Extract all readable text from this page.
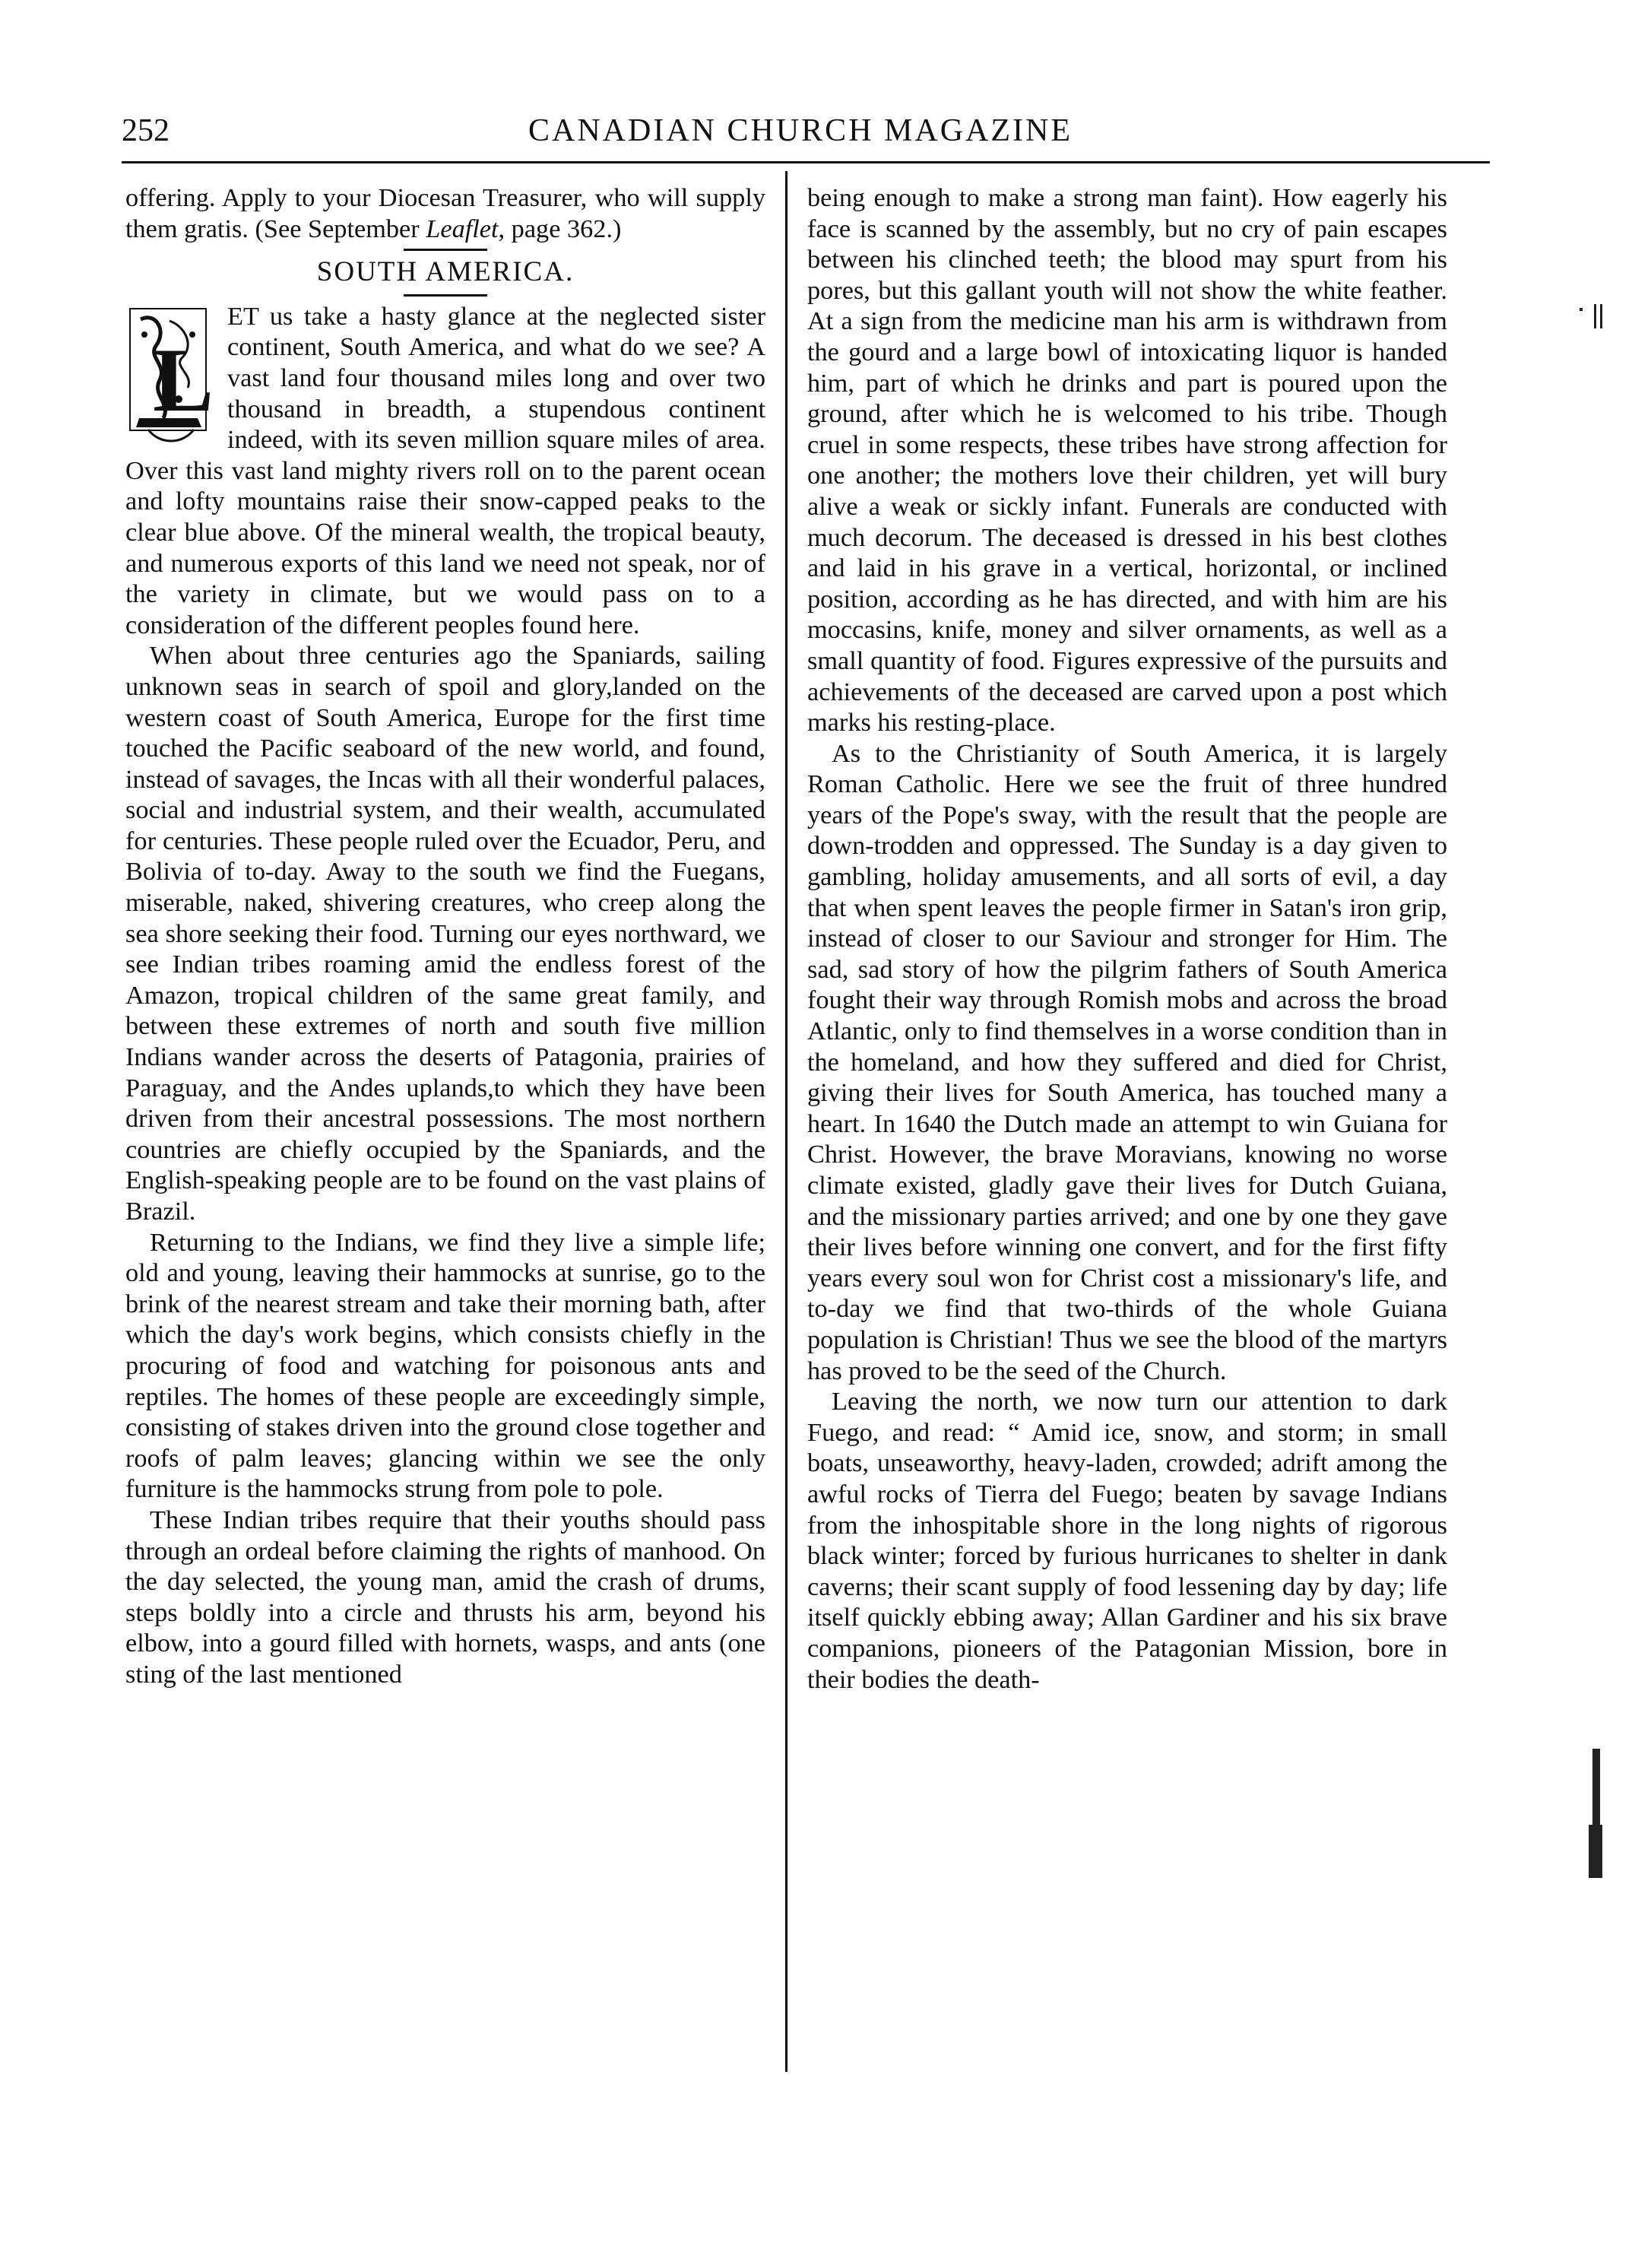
252	CANADIAN CHURCH MAGAZINE

offering. Apply to your Diocesan Treasurer, who will supply them gratis. (See September Leaflet, page 362.)

SOUTH AMERICA.

L
ET us take a hasty glance at the neglected sister continent, South America, and what do we see? A vast land four thousand miles long and over two thousand in breadth, a stupendous continent indeed, with its seven million square miles of area. Over this vast land mighty rivers roll on to the parent ocean and lofty mountains raise their snow-capped peaks to the clear blue above. Of the mineral wealth, the tropical beauty, and numerous exports of this land we need not speak, nor of the variety in climate, but we would pass on to a consideration of the different peoples found here.

When about three centuries ago the Spaniards, sailing unknown seas in search of spoil and glory,landed on the western coast of South America, Europe for the first time touched the Pacific seaboard of the new world, and found, instead of savages, the Incas with all their wonderful palaces, social and industrial system, and their wealth, accumulated for centuries. These people ruled over the Ecuador, Peru, and Bolivia of to-day. Away to the south we find the Fuegans, miserable, naked, shivering creatures, who creep along the sea shore seeking their food. Turning our eyes northward, we see Indian tribes roaming amid the endless forest of the Amazon, tropical children of the same great family, and between these extremes of north and south five million Indians wander across the deserts of Patagonia, prairies of Paraguay, and the Andes uplands,to which they have been driven from their ancestral possessions. The most northern countries are chiefly occupied by the Spaniards, and the English-speaking people are to be found on the vast plains of Brazil.

Returning to the Indians, we find they live a simple life; old and young, leaving their hammocks at sunrise, go to the brink of the nearest stream and take their morning bath, after which the day's work begins, which consists chiefly in the procuring of food and watching for poisonous ants and reptiles. The homes of these people are exceedingly simple, consisting of stakes driven into the ground close together and roofs of palm leaves; glancing within we see the only furniture is the hammocks strung from pole to pole.

These Indian tribes require that their youths should pass through an ordeal before claiming the rights of manhood. On the day selected, the young man, amid the crash of drums, steps boldly into a circle and thrusts his arm, beyond his elbow, into a gourd filled with hornets, wasps, and ants (one sting of the last mentioned

being enough to make a strong man faint). How eagerly his face is scanned by the assembly, but no cry of pain escapes between his clinched teeth; the blood may spurt from his pores, but this gallant youth will not show the white feather. At a sign from the medicine man his arm is withdrawn from the gourd and a large bowl of intoxicating liquor is handed him, part of which he drinks and part is poured upon the ground, after which he is welcomed to his tribe. Though cruel in some respects, these tribes have strong affection for one another; the mothers love their children, yet will bury alive a weak or sickly infant. Funerals are conducted with much decorum. The deceased is dressed in his best clothes and laid in his grave in a vertical, horizontal, or inclined position, according as he has directed, and with him are his moccasins, knife, money and silver ornaments, as well as a small quantity of food. Figures expressive of the pursuits and achievements of the deceased are carved upon a post which marks his resting-place.

As to the Christianity of South America, it is largely Roman Catholic. Here we see the fruit of three hundred years of the Pope's sway, with the result that the people are down-trodden and oppressed. The Sunday is a day given to gambling, holiday amusements, and all sorts of evil, a day that when spent leaves the people firmer in Satan's iron grip, instead of closer to our Saviour and stronger for Him. The sad, sad story of how the pilgrim fathers of South America fought their way through Romish mobs and across the broad Atlantic, only to find themselves in a worse condition than in the homeland, and how they suffered and died for Christ, giving their lives for South America, has touched many a heart. In 1640 the Dutch made an attempt to win Guiana for Christ. However, the brave Moravians, knowing no worse climate existed, gladly gave their lives for Dutch Guiana, and the missionary parties arrived; and one by one they gave their lives before winning one convert, and for the first fifty years every soul won for Christ cost a missionary's life, and to-day we find that two-thirds of the whole Guiana population is Christian! Thus we see the blood of the martyrs has proved to be the seed of the Church.

Leaving the north, we now turn our attention to dark Fuego, and read: “ Amid ice, snow, and storm; in small boats, unseaworthy, heavy-laden, crowded; adrift among the awful rocks of Tierra del Fuego; beaten by savage Indians from the inhospitable shore in the long nights of rigorous black winter; forced by furious hurricanes to shelter in dank caverns; their scant supply of food lessening day by day; life itself quickly ebbing away; Allan Gardiner and his six brave companions, pioneers of the Patagonian Mission, bore in their bodies the death-
